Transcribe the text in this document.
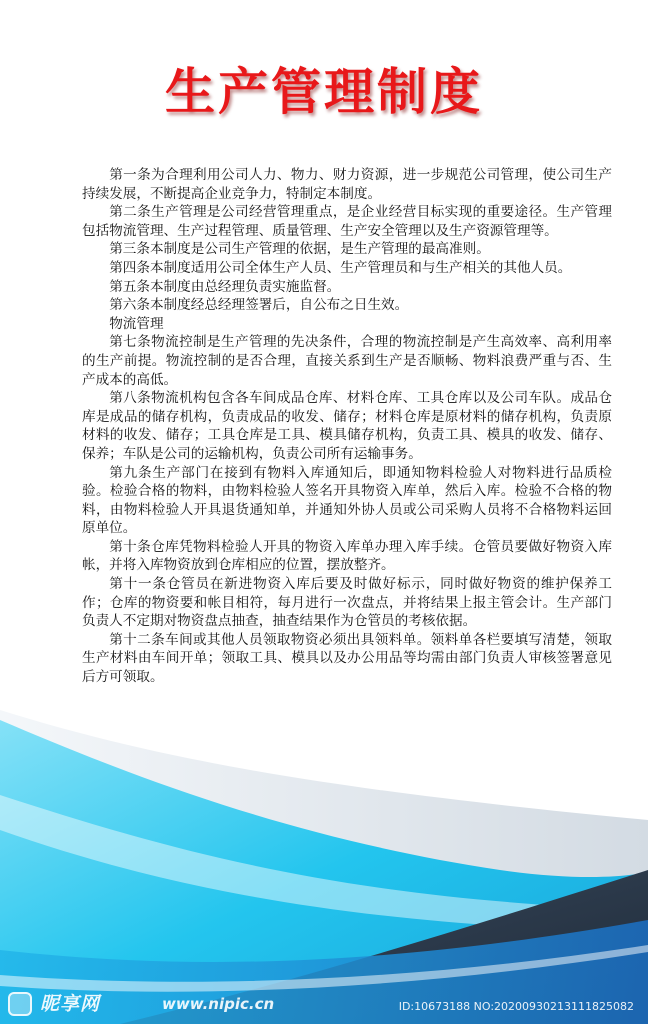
生产管理制度

第一条为合理利用公司人力、物力、财力资源，进一步规范公司管理，使公司生产持续发展，不断提高企业竞争力，特制定本制度。

第二条生产管理是公司经营管理重点，是企业经营目标实现的重要途径。生产管理包括物流管理、生产过程管理、质量管理、生产安全管理以及生产资源管理等。

第三条本制度是公司生产管理的依据，是生产管理的最高准则。

第四条本制度适用公司全体生产人员、生产管理员和与生产相关的其他人员。

第五条本制度由总经理负责实施监督。

第六条本制度经总经理签署后，自公布之日生效。

物流管理

第七条物流控制是生产管理的先决条件，合理的物流控制是产生高效率、高利用率的生产前提。物流控制的是否合理，直接关系到生产是否顺畅、物料浪费严重与否、生产成本的高低。

第八条物流机构包含各车间成品仓库、材料仓库、工具仓库以及公司车队。成品仓库是成品的储存机构，负责成品的收发、储存；材料仓库是原材料的储存机构，负责原材料的收发、储存；工具仓库是工具、模具储存机构，负责工具、模具的收发、储存、保养；车队是公司的运输机构，负责公司所有运输事务。

第九条生产部门在接到有物料入库通知后，即通知物料检验人对物料进行品质检验。检验合格的物料，由物料检验人签名开具物资入库单，然后入库。检验不合格的物料，由物料检验人开具退货通知单，并通知外协人员或公司采购人员将不合格物料运回原单位。

第十条仓库凭物料检验人开具的物资入库单办理入库手续。仓管员要做好物资入库帐，并将入库物资放到仓库相应的位置，摆放整齐。

第十一条仓管员在新进物资入库后要及时做好标示，同时做好物资的维护保养工作；仓库的物资要和帐目相符，每月进行一次盘点，并将结果上报主管会计。生产部门负责人不定期对物资盘点抽查，抽查结果作为仓管员的考核依据。

第十二条车间或其他人员领取物资必须出具领料单。领料单各栏要填写清楚，领取生产材料由车间开单；领取工具、模具以及办公用品等均需由部门负责人审核签署意见后方可领取。

昵享网	www.nipic.cn	ID:10673188 NO:20200930213111825082
